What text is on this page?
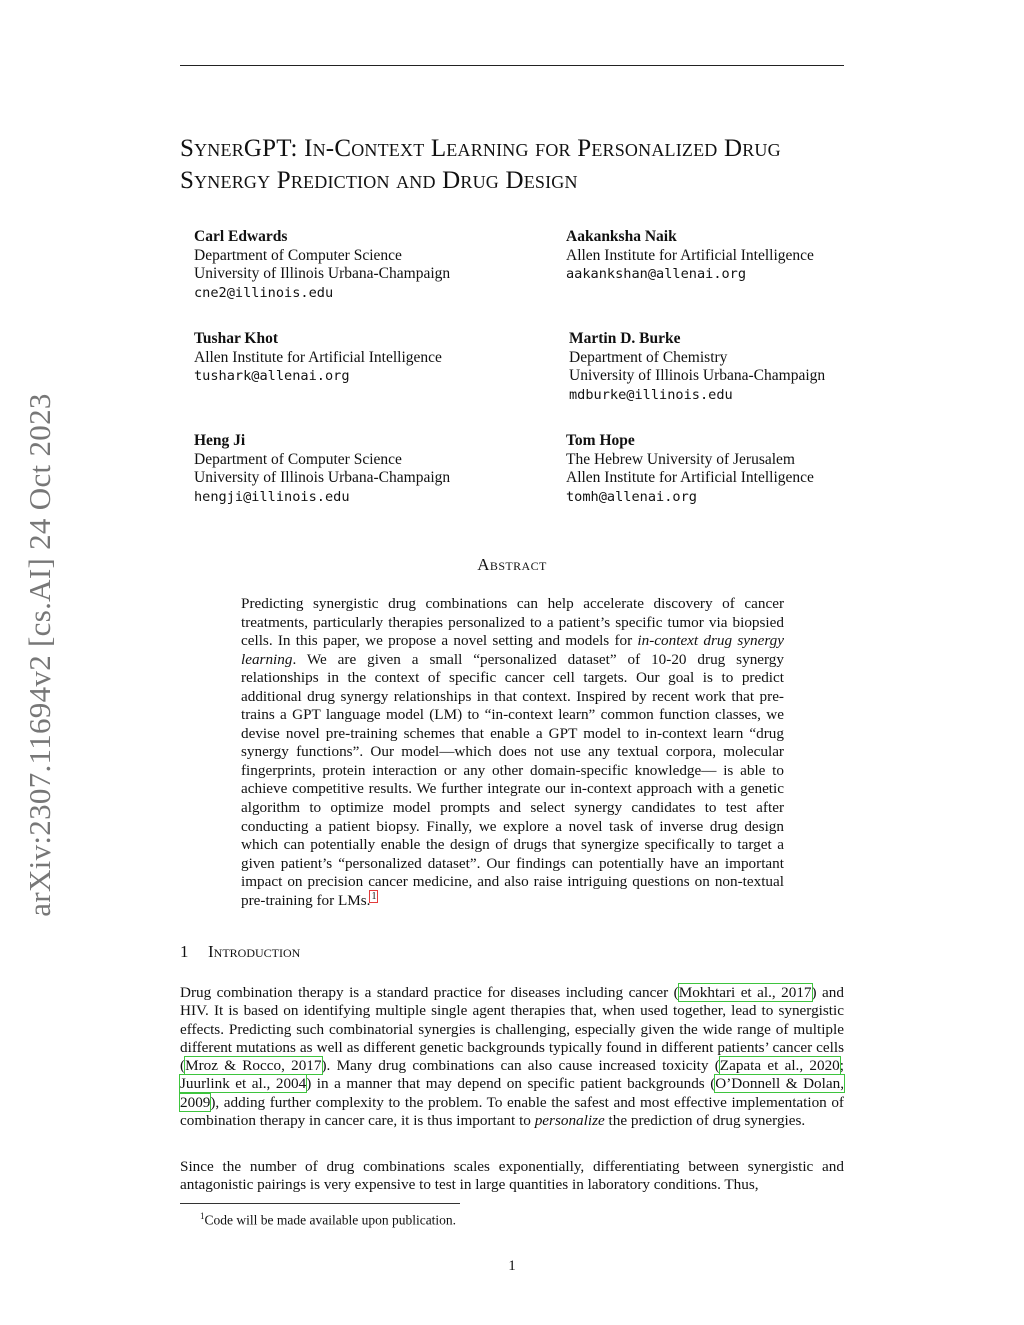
arXiv:2307.11694v2 [cs.AI] 24 Oct 2023
SynerGPT: In-Context Learning for Personalized Drug
Synergy Prediction and Drug Design
Carl Edwards
Department of Computer Science
University of Illinois Urbana-Champaign
cne2@illinois.edu
Aakanksha Naik
Allen Institute for Artificial Intelligence
aakankshan@allenai.org
Tushar Khot
Allen Institute for Artificial Intelligence
tushark@allenai.org
Martin D. Burke
Department of Chemistry
University of Illinois Urbana-Champaign
mdburke@illinois.edu
Heng Ji
Department of Computer Science
University of Illinois Urbana-Champaign
hengji@illinois.edu
Tom Hope
The Hebrew University of Jerusalem
Allen Institute for Artificial Intelligence
tomh@allenai.org
Abstract
Predicting synergistic drug combinations can help accelerate discovery of cancer treatments, particularly therapies personalized to a patient’s specific tumor via biopsied cells. In this paper, we propose a novel setting and models for in-context drug synergy learning. We are given a small “personalized dataset” of 10-20 drug synergy relationships in the context of specific cancer cell targets. Our goal is to predict additional drug synergy relationships in that context. Inspired by recent work that pre-trains a GPT language model (LM) to “in-context learn” common function classes, we devise novel pre-training schemes that enable a GPT model to in-context learn “drug synergy functions”. Our model—which does not use any textual corpora, molecular fingerprints, protein interaction or any other domain-specific knowledge— is able to achieve competitive results. We further integrate our in-context approach with a genetic algorithm to optimize model prompts and select synergy candidates to test after conducting a patient biopsy. Finally, we explore a novel task of inverse drug design which can potentially enable the design of drugs that synergize specifically to target a given patient’s “personalized dataset”. Our findings can potentially have an important impact on precision cancer medicine, and also raise intriguing questions on non-textual pre-training for LMs.$^1$
1 Introduction
Drug combination therapy is a standard practice for diseases including cancer (Mokhtari et al., 2017) and HIV. It is based on identifying multiple single agent therapies that, when used together, lead to synergistic effects. Predicting such combinatorial synergies is challenging, especially given the wide range of multiple different mutations as well as different genetic backgrounds typically found in different patients’ cancer cells (Mroz & Rocco, 2017). Many drug combinations can also cause increased toxicity (Zapata et al., 2020; Juurlink et al., 2004) in a manner that may depend on specific patient backgrounds (O’Donnell & Dolan, 2009), adding further complexity to the problem. To enable the safest and most effective implementation of combination therapy in cancer care, it is thus important to personalize the prediction of drug synergies.
Since the number of drug combinations scales exponentially, differentiating between synergistic and antagonistic pairings is very expensive to test in large quantities in laboratory conditions. Thus,
$^1$Code will be made available upon publication.
1
